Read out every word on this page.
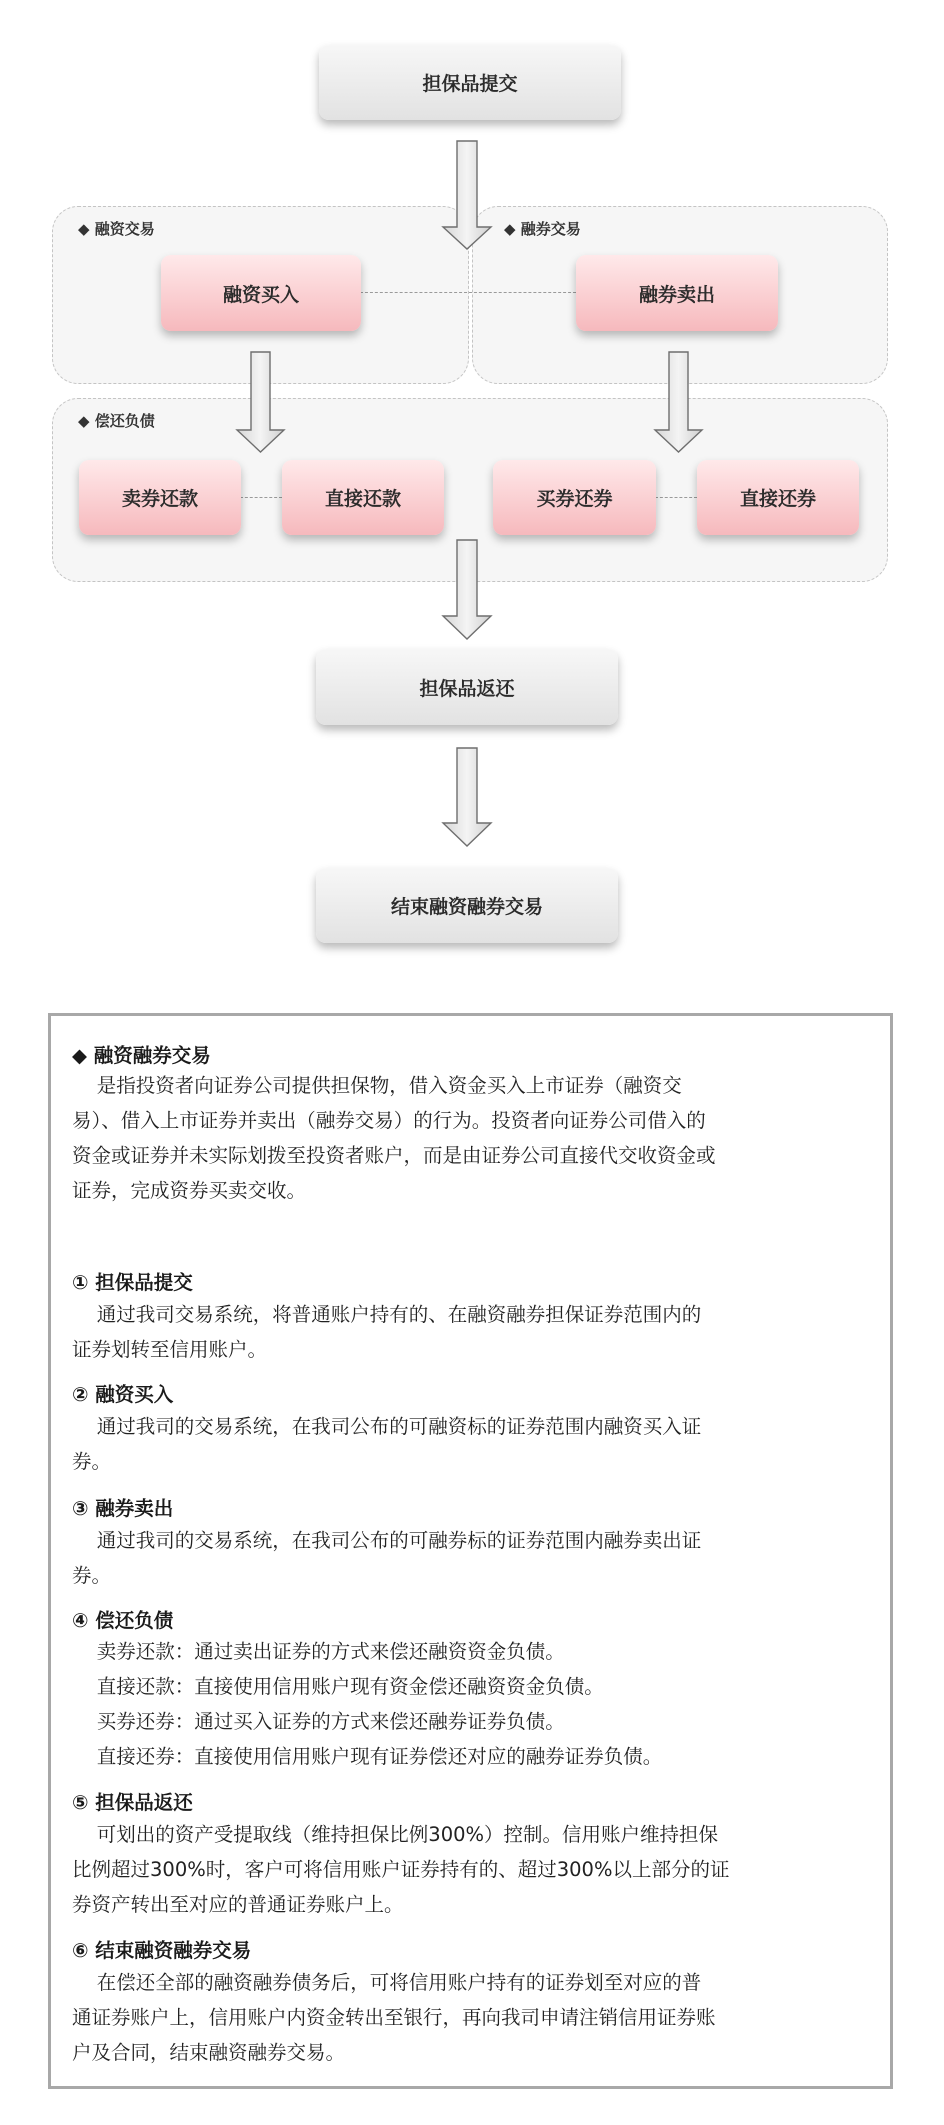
◆ 融资交易	◆ 融券交易
◆ 偿还负债
担保品提交
融资买入	融券卖出
卖券还款	直接还款	买券还券	直接还券
担保品返还
结束融资融券交易
◆ 融资融券交易
是指投资者向证券公司提供担保物，借入资金买入上市证券（融资交
易）、借入上市证券并卖出（融券交易）的行为。投资者向证券公司借入的
资金或证券并未实际划拨至投资者账户，而是由证券公司直接代交收资金或
证券，完成资券买卖交收。
① 担保品提交
通过我司交易系统，将普通账户持有的、在融资融券担保证券范围内的
证券划转至信用账户。
② 融资买入
通过我司的交易系统，在我司公布的可融资标的证券范围内融资买入证
券。
③ 融券卖出
通过我司的交易系统，在我司公布的可融券标的证券范围内融券卖出证
券。
④ 偿还负债
卖券还款：通过卖出证券的方式来偿还融资资金负债。
直接还款：直接使用信用账户现有资金偿还融资资金负债。
买券还券：通过买入证券的方式来偿还融券证券负债。
直接还券：直接使用信用账户现有证券偿还对应的融券证券负债。
⑤ 担保品返还
可划出的资产受提取线（维持担保比例300%）控制。信用账户维持担保
比例超过300%时，客户可将信用账户证券持有的、超过300%以上部分的证
券资产转出至对应的普通证券账户上。
⑥ 结束融资融券交易
在偿还全部的融资融券债务后，可将信用账户持有的证券划至对应的普
通证券账户上，信用账户内资金转出至银行，再向我司申请注销信用证券账
户及合同，结束融资融券交易。
